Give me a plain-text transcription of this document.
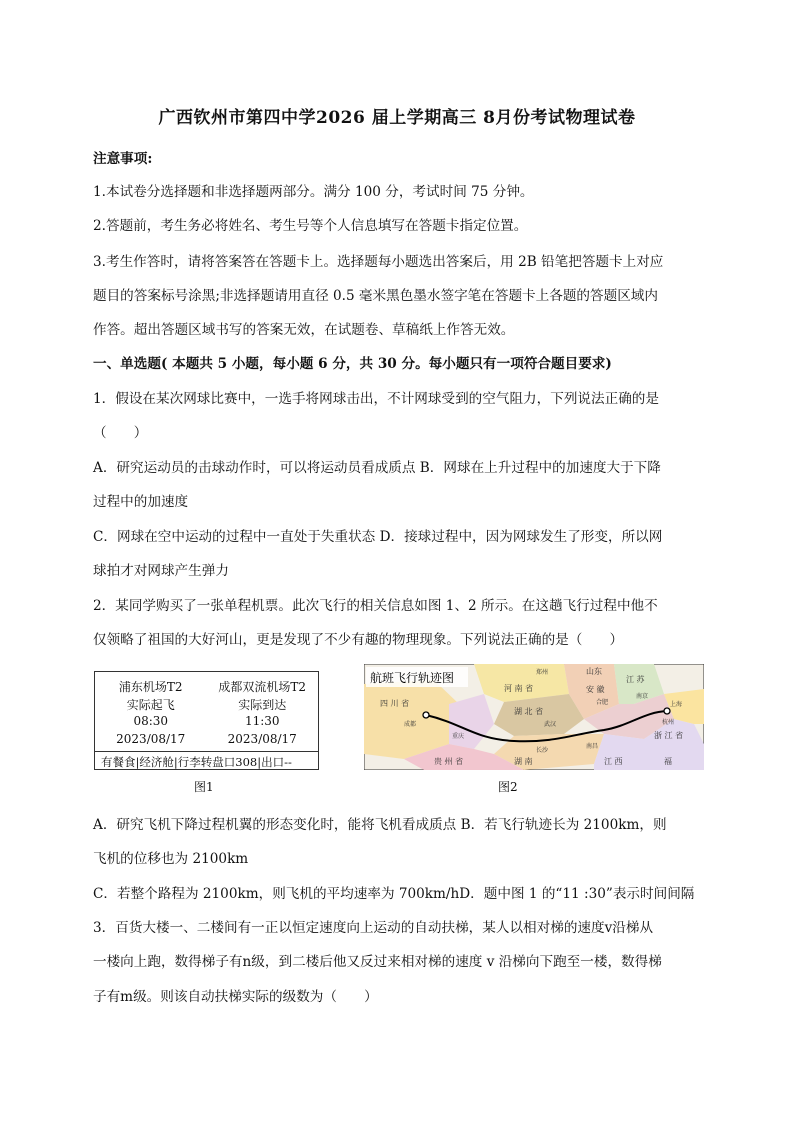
广西钦州市第四中学2026 届上学期高三 8月份考试物理试卷
注意事项:
1.本试卷分选择题和非选择题两部分。满分 100 分，考试时间 75 分钟。
2.答题前，考生务必将姓名、考生号等个人信息填写在答题卡指定位置。
3.考生作答时，请将答案答在答题卡上。选择题每小题选出答案后，用 2B 铅笔把答题卡上对应
题目的答案标号涂黑;非选择题请用直径 0.5 毫米黑色墨水签字笔在答题卡上各题的答题区域内
作答。超出答题区域书写的答案无效，在试题卷、草稿纸上作答无效。
一、单选题( 本题共 5 小题，每小题 6 分，共 30 分。每小题只有一项符合题目要求)
1．假设在某次网球比赛中，一选手将网球击出，不计网球受到的空气阻力，下列说法正确的是
（　　）
A．研究运动员的击球动作时，可以将运动员看成质点 B．网球在上升过程中的加速度大于下降
过程中的加速度
C．网球在空中运动的过程中一直处于失重状态 D．接球过程中，因为网球发生了形变，所以网
球拍才对网球产生弹力
2．某同学购买了一张单程机票。此次飞行的相关信息如图 1、2 所示。在这趟飞行过程中他不
仅领略了祖国的大好河山，更是发现了不少有趣的物理现象。下列说法正确的是（　　）
浦东机场T2	成都双流机场T2
实际起飞	实际到达
08:30	11:30
2023/08/17	2023/08/17
有餐食|经济舱|行李转盘口308|出口--
图1
航班飞行轨迹图
四 川 省
成都
重庆
湖 北 省
河 南 省	安 徽
江 苏
上海
南京
合肥
武汉	杭州
浙 江 省
长沙
南昌
贵 州 省	湖 南	江 西	福
郑州	山东
图2
A．研究飞机下降过程机翼的形态变化时，能将飞机看成质点 B．若飞行轨迹长为 2100km，则
飞机的位移也为 2100km
C．若整个路程为 2100km，则飞机的平均速率为 700km/hD．题中图 1 的“11 :30”表示时间间隔
3．百货大楼一、二楼间有一正以恒定速度向上运动的自动扶梯，某人以相对梯的速度v沿梯从
一楼向上跑，数得梯子有n级，到二楼后他又反过来相对梯的速度 v 沿梯向下跑至一楼，数得梯
子有m级。则该自动扶梯实际的级数为（　　）
